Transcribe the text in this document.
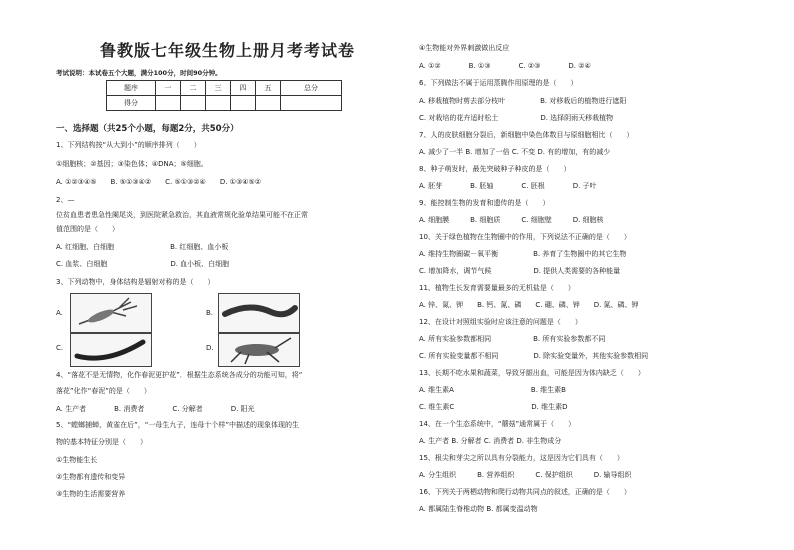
鲁教版七年级生物上册月考考试卷
考试说明：本试卷五个大题，满分100分，时间90分钟。
题序	一	二	三	四	五	总分
得分						
一、选择题（共25个小题，每题2分，共50分）
1、下列结构按“从大到小”的顺序排列（　　）
①细胞核；②基因；③染色体；④DNA；⑤细胞。
A. ①②③④⑤　　B. ⑤①③④②　　C. ⑤①③②④　　D. ①③④⑤②
2、—
位贫血患者患急性阑尾炎，到医院紧急救治，其血液常规化验单结果可能不在正常
值范围的是（　　）
A. 红细胞、白细胞　　　　　　　　B. 红细胞、血小板
C. 血浆、白细胞　　　　　　　　　D. 血小板、白细胞
3、下列动物中，身体结构是辐射对称的是（　　）
A.	B.
C.	D.
4、“落花不是无情物，化作春泥更护花”．根据生态系统各成分的功能可知，将“
落花”化作“春泥”的是（　　）
A. 生产者　　　　B. 消费者　　　　C. 分解者　　　　D. 阳光
5、“螳螂捕蝉，黄雀在后”，“一母生九子，连母十个样”中描述的现象体现的生
物的基本特征分别是（　　）
①生物能生长
②生物都有遗传和变异
③生物的生活需要营养
④生物能对外界刺激做出反应
A. ①②　　　　B. ①③　　　　C. ②③　　　　D. ②④
6、下列做法不属于运用蒸腾作用原理的是（　　）
A. 移栽植物时剪去部分枝叶　　　　　B. 对移栽后的植物进行遮阳
C. 对栽培的花卉适时松土　　　　　　D. 选择阴雨天移栽植物
7、人的皮肤细胞分裂后，新细胞中染色体数目与原细胞相比（　　）
A. 减少了一半 B. 增加了一倍 C. 不变 D. 有的增加，有的减少
8、种子萌发时，最先突破种子种皮的是（　　）
A. 胚芽　　　　B. 胚轴　　　　C. 胚根　　　　D. 子叶
9、能控制生物的发育和遗传的是（　　）
A. 细胞膜　　　B. 细胞质　　　C. 细胞壁　　　D. 细胞核
10、关于绿色植物在生物圈中的作用，下列说法不正确的是（　　）
A. 维持生物圈碳－氧平衡　　　　　B. 养育了生物圈中的其它生物
C. 增加降水，调节气候　　　　　　D. 提供人类需要的各种能量
11、植物生长发育需要量最多的无机盐是（　　）
A. 锌、氮、钾　　B. 钙、氮、磷　　C. 硼、磷、钾　　D. 氮、磷、钾
12、在设计对照组实验时应该注意的问题是（　　）
A. 所有实验参数都相同　　　　　　B. 所有实验参数都不同
C. 所有实验变量都不相同　　　　　D. 除实验变量外，其他实验参数相同
13、长期不吃水果和蔬菜，导致牙龈出血，可能是因为体内缺乏（　　）
A. 维生素A　　　　　　　　　　　B. 维生素B
C. 维生素C　　　　　　　　　　　D. 维生素D
14、在一个生态系统中，“蘑菇”通常属于（　　）
A. 生产者 B. 分解者 C. 消费者 D. 非生物成分
15、根尖和芽尖之所以具有分裂能力，这是因为它们具有（　　）
A. 分生组织　　　B. 营养组织　　　C. 保护组织　　　D. 输导组织
16、下列关于两栖动物和爬行动物共同点的叙述，正确的是（　　）
A. 都属陆生脊椎动物 B. 都属变温动物
